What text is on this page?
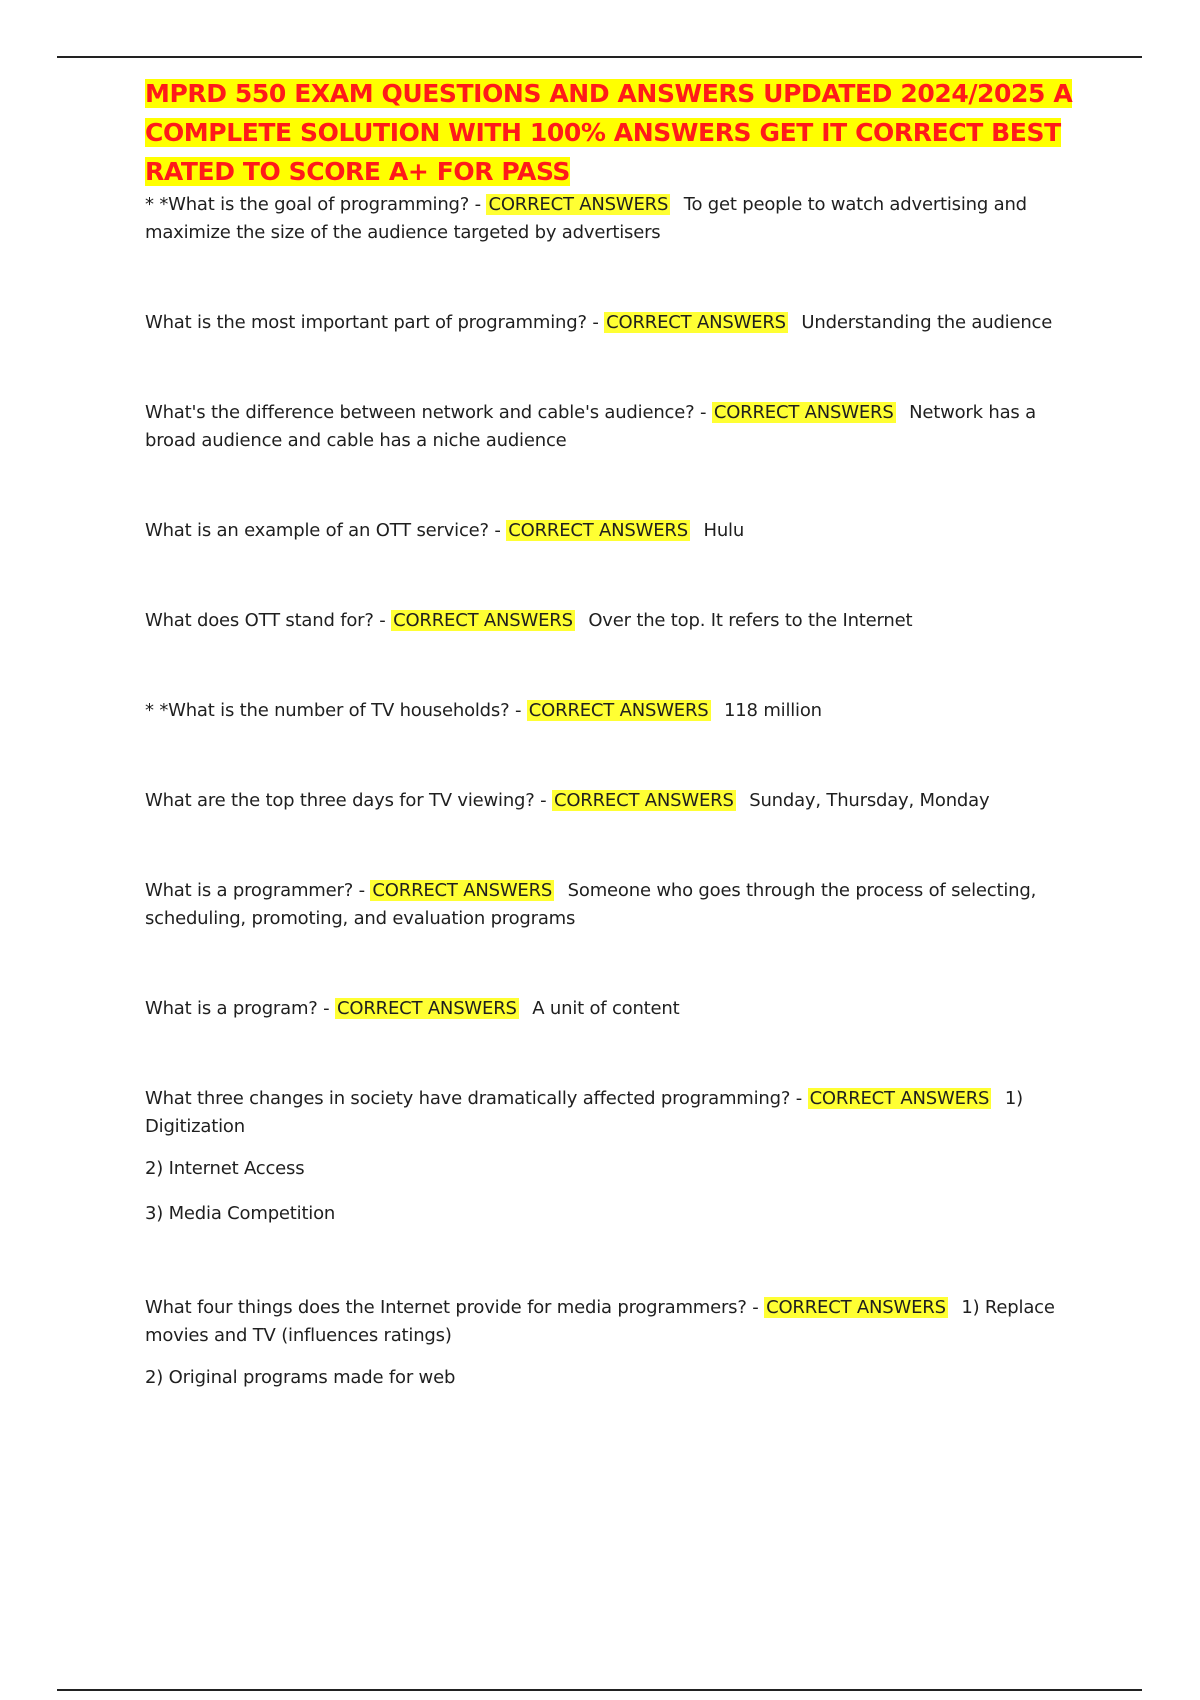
MPRD 550 EXAM QUESTIONS AND ANSWERS UPDATED 2024/2025 A COMPLETE SOLUTION WITH 100% ANSWERS GET IT CORRECT BEST RATED TO SCORE A+ FOR PASS

* *What is the goal of programming? - CORRECT ANSWERS To get people to watch advertising and maximize the size of the audience targeted by advertisers

What is the most important part of programming? - CORRECT ANSWERS Understanding the audience

What's the difference between network and cable's audience? - CORRECT ANSWERS Network has a broad audience and cable has a niche audience

What is an example of an OTT service? - CORRECT ANSWERS Hulu

What does OTT stand for? - CORRECT ANSWERS Over the top. It refers to the Internet

* *What is the number of TV households? - CORRECT ANSWERS 118 million

What are the top three days for TV viewing? - CORRECT ANSWERS Sunday, Thursday, Monday

What is a programmer? - CORRECT ANSWERS Someone who goes through the process of selecting, scheduling, promoting, and evaluation programs

What is a program? - CORRECT ANSWERS A unit of content

What three changes in society have dramatically affected programming? - CORRECT ANSWERS 1) Digitization

2) Internet Access

3) Media Competition

What four things does the Internet provide for media programmers? - CORRECT ANSWERS 1) Replace movies and TV (influences ratings)

2) Original programs made for web
